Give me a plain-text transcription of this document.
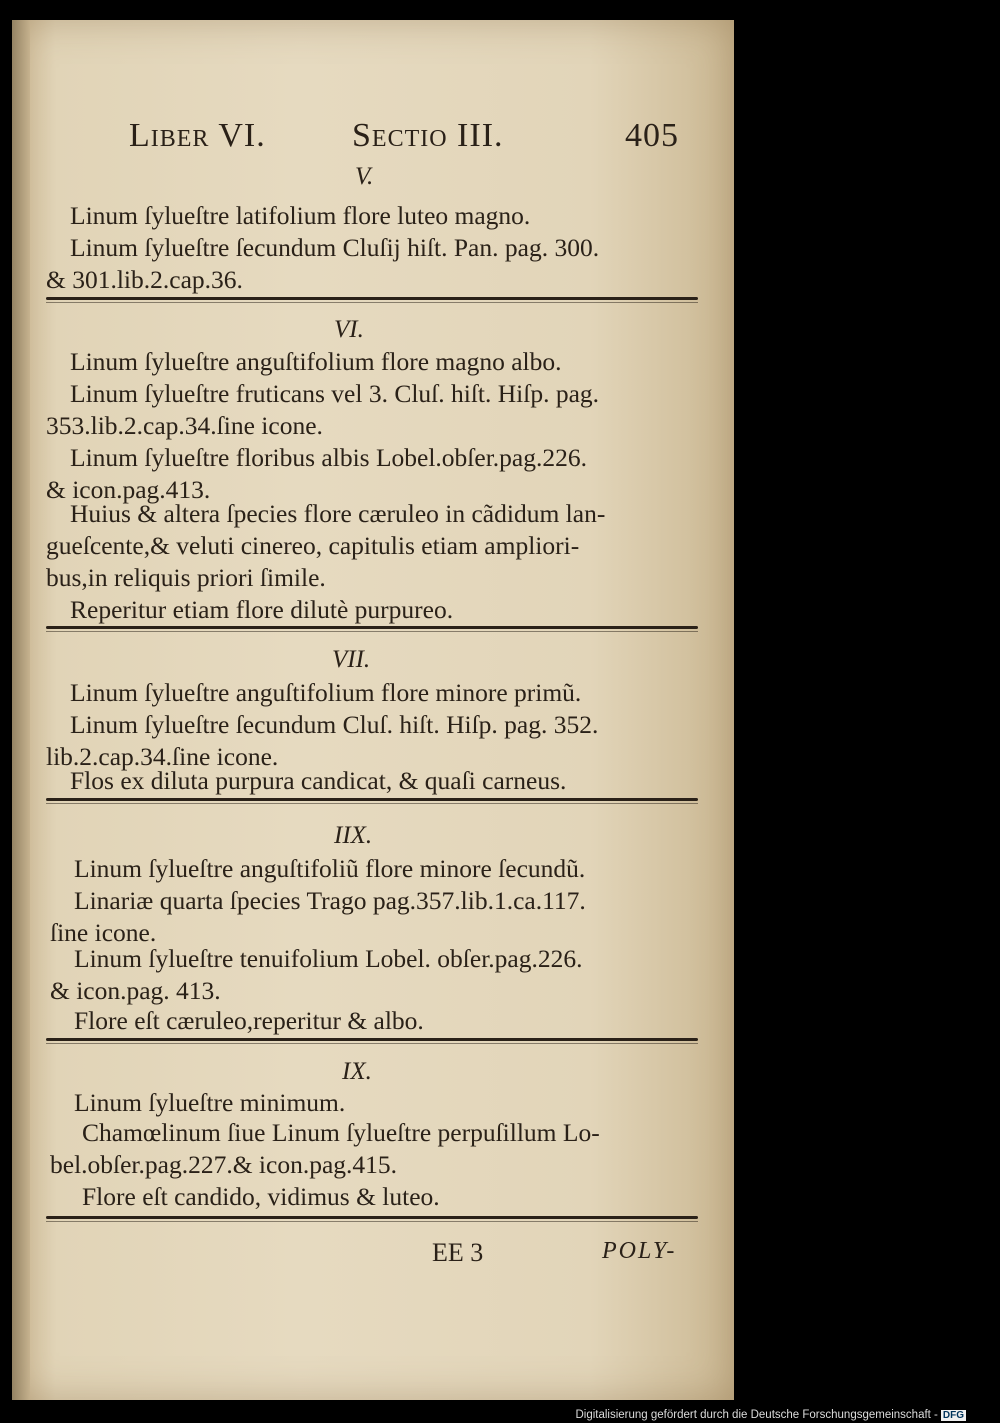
Liber VI.	Sectio III.	405
V.
Linum ſylueſtre latifolium flore luteo magno.
Linum ſylueſtre ſecundum Cluſij hiſt. Pan. pag. 300.
& 301.lib.2.cap.36.
VI.
Linum ſylueſtre anguſtifolium flore magno albo.
Linum ſylueſtre fruticans vel 3. Cluſ. hiſt. Hiſp. pag.
353.lib.2.cap.34.ſine icone.
Linum ſylueſtre floribus albis Lobel.obſer.pag.226.
& icon.pag.413.
Huius & altera ſpecies flore cæruleo in cãdidum lan-
gueſcente,& veluti cinereo, capitulis etiam ampliori-
bus,in reliquis priori ſimile.
Reperitur etiam flore dilutè purpureo.
VII.
Linum ſylueſtre anguſtifolium flore minore primũ.
Linum ſylueſtre ſecundum Cluſ. hiſt. Hiſp. pag. 352.
lib.2.cap.34.ſine icone.
Flos ex diluta purpura candicat, & quaſi carneus.
IIX.
Linum ſylueſtre anguſtifoliũ flore minore ſecundũ.
Linariæ quarta ſpecies Trago pag.357.lib.1.ca.117.
ſine icone.
Linum ſylueſtre tenuifolium Lobel. obſer.pag.226.
& icon.pag. 413.
Flore eſt cæruleo,reperitur & albo.
IX.
Linum ſylueſtre minimum.
Chamœlinum ſiue Linum ſylueſtre perpuſillum Lo-
bel.obſer.pag.227.& icon.pag.415.
Flore eſt candido, vidimus & luteo.
EE 3	POLY-
Digitalisierung gefördert durch die Deutsche Forschungsgemeinschaft - DFG
